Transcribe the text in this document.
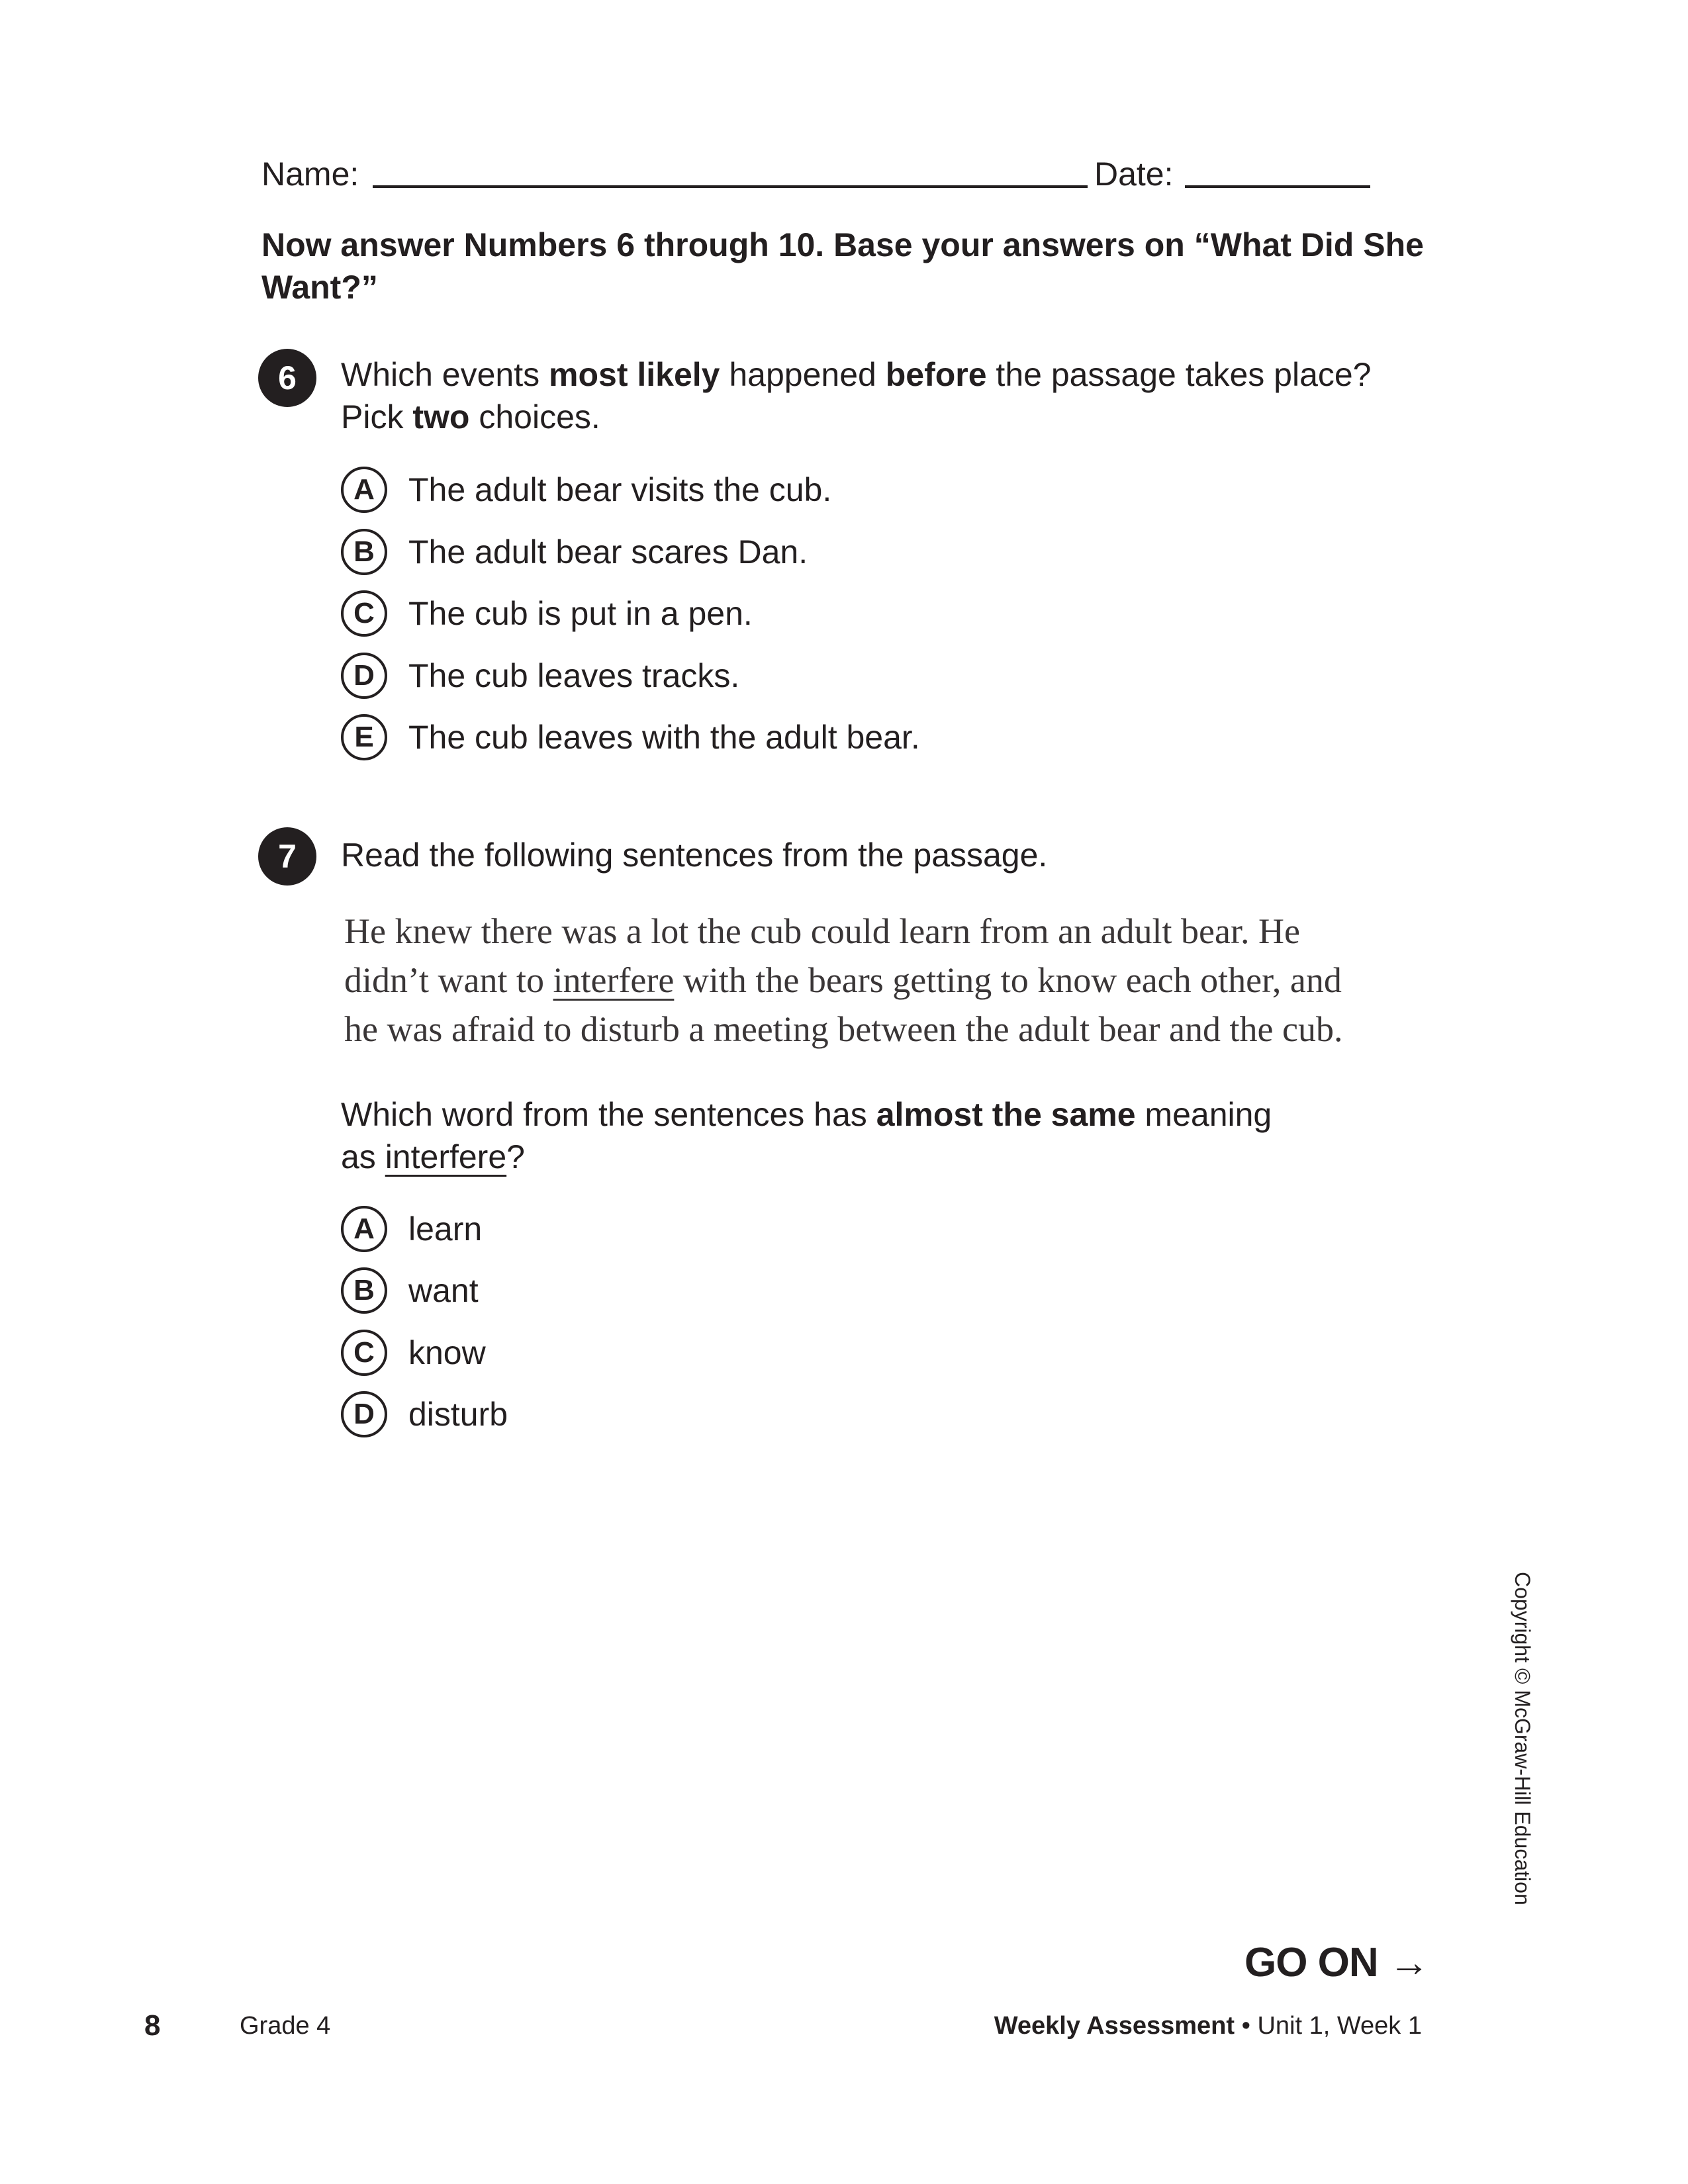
Name:	Date:
Now answer Numbers 6 through 10. Base your answers on “What Did She Want?”
6	Which events most likely happened before the passage takes place?
Pick two choices.
A	The adult bear visits the cub.
B	The adult bear scares Dan.
C	The cub is put in a pen.
D	The cub leaves tracks.
E	The cub leaves with the adult bear.
7	Read the following sentences from the passage.
He knew there was a lot the cub could learn from an adult bear. He
didn’t want to interfere with the bears getting to know each other, and
he was afraid to disturb a meeting between the adult bear and the cub.
Which word from the sentences has almost the same meaning
as interfere?
A	learn
B	want
C	know
D	disturb
Copyright © McGraw-Hill Education
GO ON →
8	Grade 4	Weekly Assessment • Unit 1, Week 1
